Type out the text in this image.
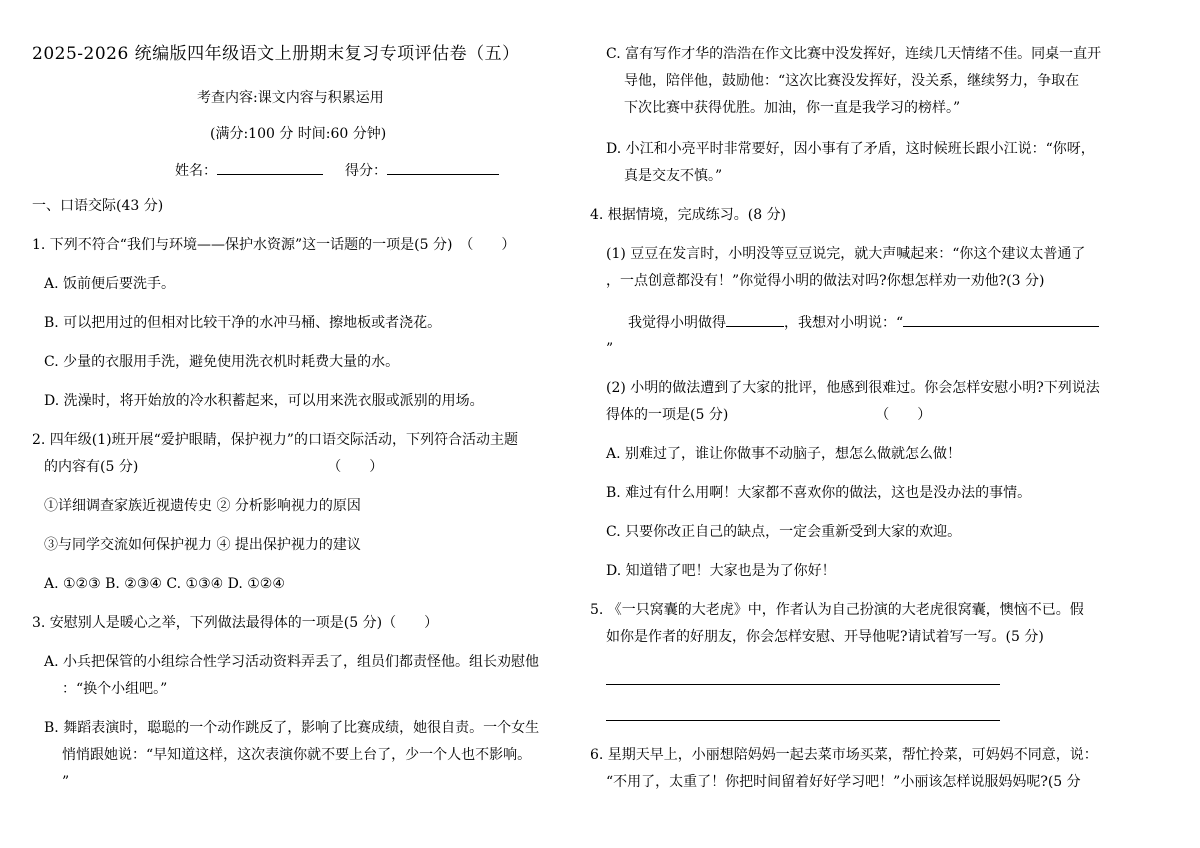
2025-2026 统编版四年级语文上册期末复习专项评估卷（五）
考查内容:课文内容与积累运用
(满分:100 分 时间:60 分钟)
姓名：	得分：
一、口语交际(43 分)
1. 下列不符合“我们与环境——保护水资源”这一话题的一项是(5 分)　（　　）
A. 饭前便后要洗手。
B. 可以把用过的但相对比较干净的水冲马桶、擦地板或者浇花。
C. 少量的衣服用手洗，避免使用洗衣机时耗费大量的水。
D. 洗澡时，将开始放的冷水积蓄起来，可以用来洗衣服或派别的用场。
2. 四年级(1)班开展“爱护眼睛，保护视力”的口语交际活动，下列符合活动主题
的内容有(5 分)　　　　　　　　　　　　　　（　　）
①详细调查家族近视遗传史 ② 分析影响视力的原因
③与同学交流如何保护视力 ④ 提出保护视力的建议
A. ①②③ B. ②③④ C. ①③④ D. ①②④
3. 安慰别人是暖心之举，下列做法最得体的一项是(5 分)（　　）
A. 小兵把保管的小组综合性学习活动资料弄丢了，组员们都责怪他。组长劝慰他
：“换个小组吧。”
B. 舞蹈表演时，聪聪的一个动作跳反了，影响了比赛成绩，她很自责。一个女生
悄悄跟她说：“早知道这样，这次表演你就不要上台了，少一个人也不影响。
”
C. 富有写作才华的浩浩在作文比赛中没发挥好，连续几天情绪不佳。同桌一直开
导他，陪伴他，鼓励他：“这次比赛没发挥好，没关系，继续努力，争取在
下次比赛中获得优胜。加油，你一直是我学习的榜样。”
D. 小江和小亮平时非常要好，因小事有了矛盾，这时候班长跟小江说：“你呀，
真是交友不慎。”
4. 根据情境，完成练习。(8 分)
(1) 豆豆在发言时，小明没等豆豆说完，就大声喊起来：“你这个建议太普通了
，一点创意都没有！”你觉得小明的做法对吗?你想怎样劝一劝他?(3 分)
我觉得小明做得	，我想对小明说：“
”
(2) 小明的做法遭到了大家的批评，他感到很难过。你会怎样安慰小明?下列说法
得体的一项是(5 分)　　　　　　　　　　　（　　）
A. 别难过了，谁让你做事不动脑子，想怎么做就怎么做！
B. 难过有什么用啊！大家都不喜欢你的做法，这也是没办法的事情。
C. 只要你改正自己的缺点，一定会重新受到大家的欢迎。
D. 知道错了吧！大家也是为了你好！
5. 《一只窝囊的大老虎》中，作者认为自己扮演的大老虎很窝囊，懊恼不已。假
如你是作者的好朋友，你会怎样安慰、开导他呢?请试着写一写。(5 分)
6. 星期天早上，小丽想陪妈妈一起去菜市场买菜，帮忙拎菜，可妈妈不同意，说：
“不用了，太重了！你把时间留着好好学习吧！”小丽该怎样说服妈妈呢?(5 分
